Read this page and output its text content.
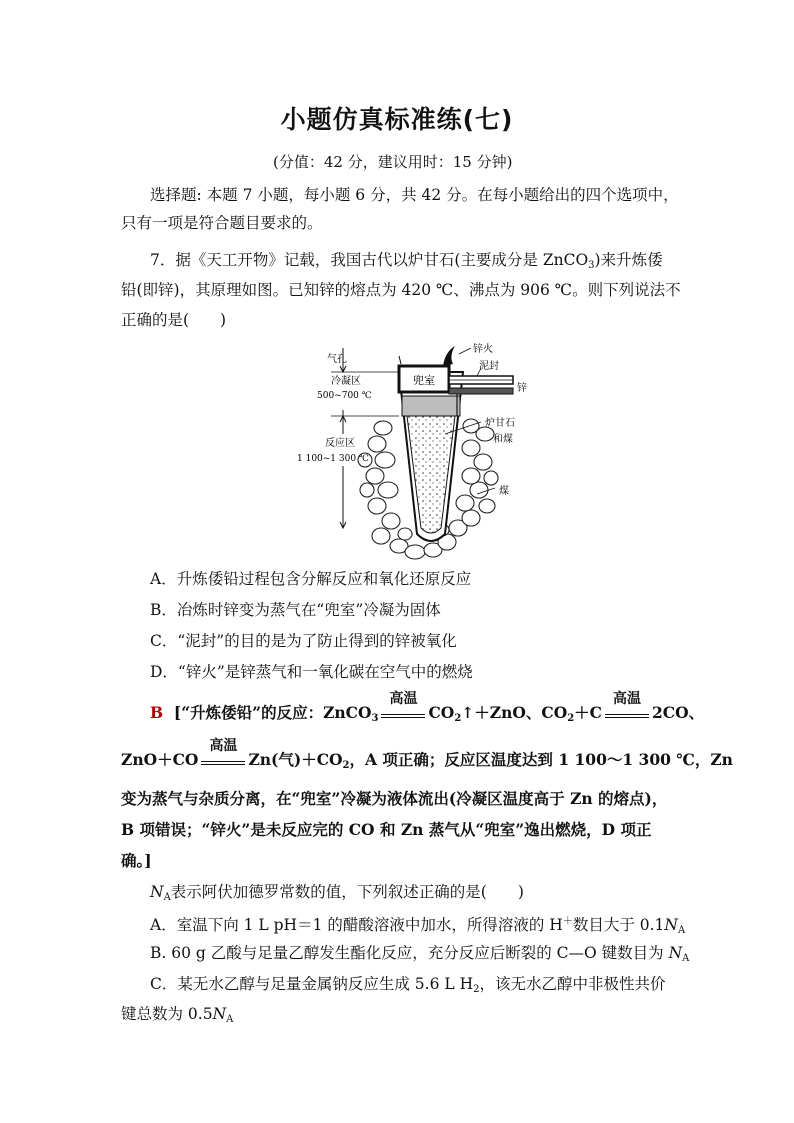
小题仿真标准练(七)
(分值：42 分，建议用时：15 分钟)
选择题: 本题 7 小题，每小题 6 分，共 42 分。在每小题给出的四个选项中，
只有一项是符合题目要求的。
7．据《天工开物》记载，我国古代以炉甘石(主要成分是 ZnCO$_3$)来升炼倭
铅(即锌)，其原理如图。已知锌的熔点为 420 ℃、沸点为 906 ℃。则下列说法不
正确的是(　　)
兜室
气孔
冷凝区
500~700 ℃
反应区
1 100~1 300 ℃
锌火
泥封
锌
炉甘石
和煤
煤
A．升炼倭铅过程包含分解反应和氧化还原反应
B．冶炼时锌变为蒸气在“兜室”冷凝为固体
C．“泥封”的目的是为了防止得到的锌被氧化
D．“锌火”是锌蒸气和一氧化碳在空气中的燃烧
B [“升炼倭铅”的反应：ZnCO$_3$
高温
$CO_2↑+ZnO$、$CO_2+C$
高温
2CO、
ZnO＋CO
高温
Zn(气)$+CO_2$，A 项正确；反应区温度达到 1 100～1 300 ℃，Zn
变为蒸气与杂质分离，在“兜室”冷凝为液体流出(冷凝区温度高于 Zn 的熔点)，
B 项错误；“锌火”是未反应完的 CO 和 Zn 蒸气从“兜室”逸出燃烧，D 项正
确。]
$N_A$表示阿伏加德罗常数的值，下列叙述正确的是(　　)
A．室温下向 1 L pH＝1 的醋酸溶液中加水，所得溶液的 H＋数目大于 $0.1N_A$
B. 60 g 乙酸与足量乙醇发生酯化反应，充分反应后断裂的 C—O 键数目为 $N_A$
C．某无水乙醇与足量金属钠反应生成 5.6 L $H_2$，该无水乙醇中非极性共价
键总数为 $0.5N_A$
